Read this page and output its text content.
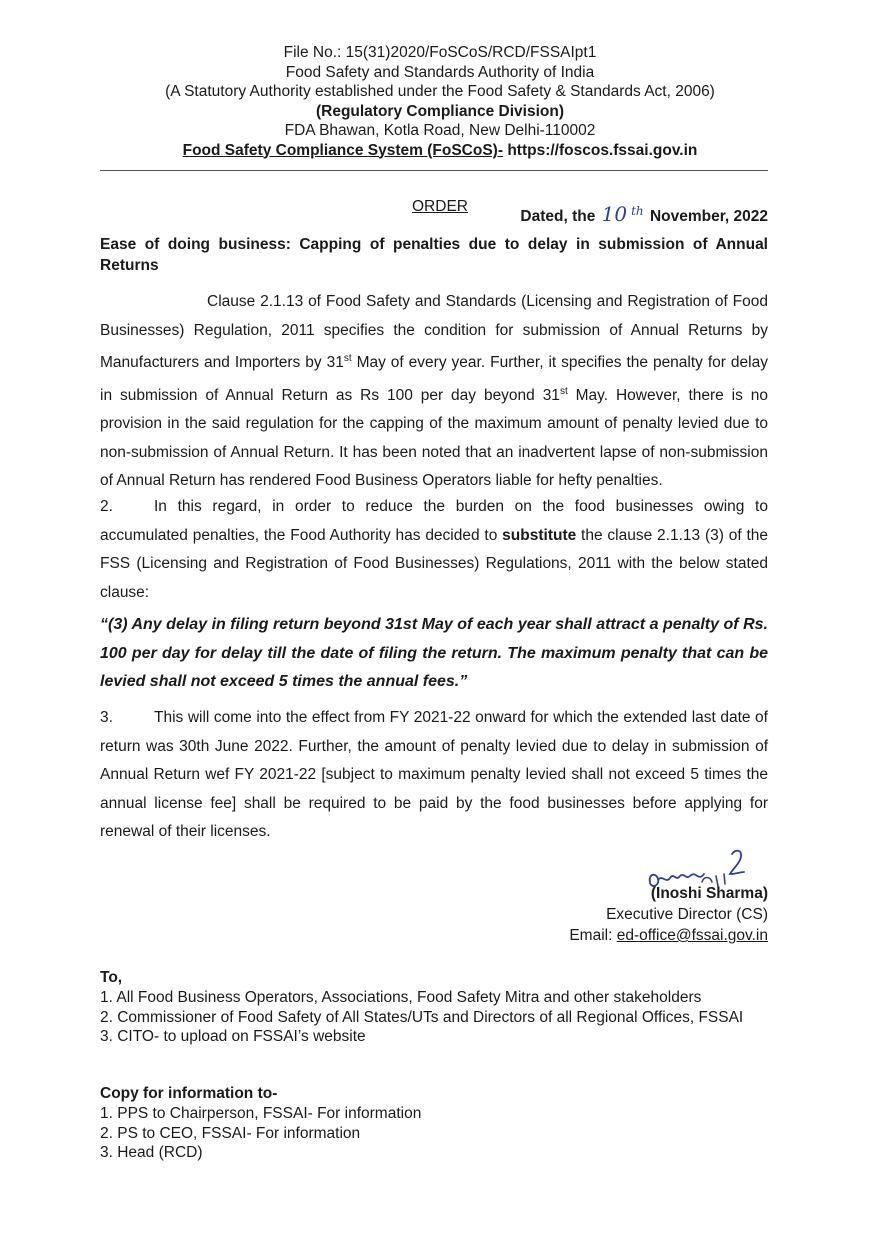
File No.: 15(31)2020/FoSCoS/RCD/FSSAIpt1
Food Safety and Standards Authority of India
(A Statutory Authority established under the Food Safety & Standards Act, 2006)
(Regulatory Compliance Division)
FDA Bhawan, Kotla Road, New Delhi-110002
Food Safety Compliance System (FoSCoS)- https://foscos.fssai.gov.in
Dated, the 10 $^{th}$ November, 2022
ORDER
Ease of doing business: Capping of penalties due to delay in submission of Annual Returns
Clause 2.1.13 of Food Safety and Standards (Licensing and Registration of Food Businesses) Regulation, 2011 specifies the condition for submission of Annual Returns by Manufacturers and Importers by 31st May of every year. Further, it specifies the penalty for delay in submission of Annual Return as Rs 100 per day beyond 31st May. However, there is no provision in the said regulation for the capping of the maximum amount of penalty levied due to non-submission of Annual Return. It has been noted that an inadvertent lapse of non-submission of Annual Return has rendered Food Business Operators liable for hefty penalties.
2.	In this regard, in order to reduce the burden on the food businesses owing to accumulated penalties, the Food Authority has decided to substitute the clause 2.1.13 (3) of the FSS (Licensing and Registration of Food Businesses) Regulations, 2011 with the below stated clause:
“(3) Any delay in filing return beyond 31st May of each year shall attract a penalty of Rs. 100 per day for delay till the date of filing the return. The maximum penalty that can be levied shall not exceed 5 times the annual fees.”
3.	This will come into the effect from FY 2021-22 onward for which the extended last date of return was 30th June 2022. Further, the amount of penalty levied due to delay in submission of Annual Return wef FY 2021-22 [subject to maximum penalty levied shall not exceed 5 times the annual license fee] shall be required to be paid by the food businesses before applying for renewal of their licenses.
(Inoshi Sharma)
Executive Director (CS)
Email: ed-office@fssai.gov.in
To,
1. All Food Business Operators, Associations, Food Safety Mitra and other stakeholders
2. Commissioner of Food Safety of All States/UTs and Directors of all Regional Offices, FSSAI
3. CITO- to upload on FSSAI’s website
Copy for information to-
1. PPS to Chairperson, FSSAI- For information
2. PS to CEO, FSSAI- For information
3. Head (RCD)
